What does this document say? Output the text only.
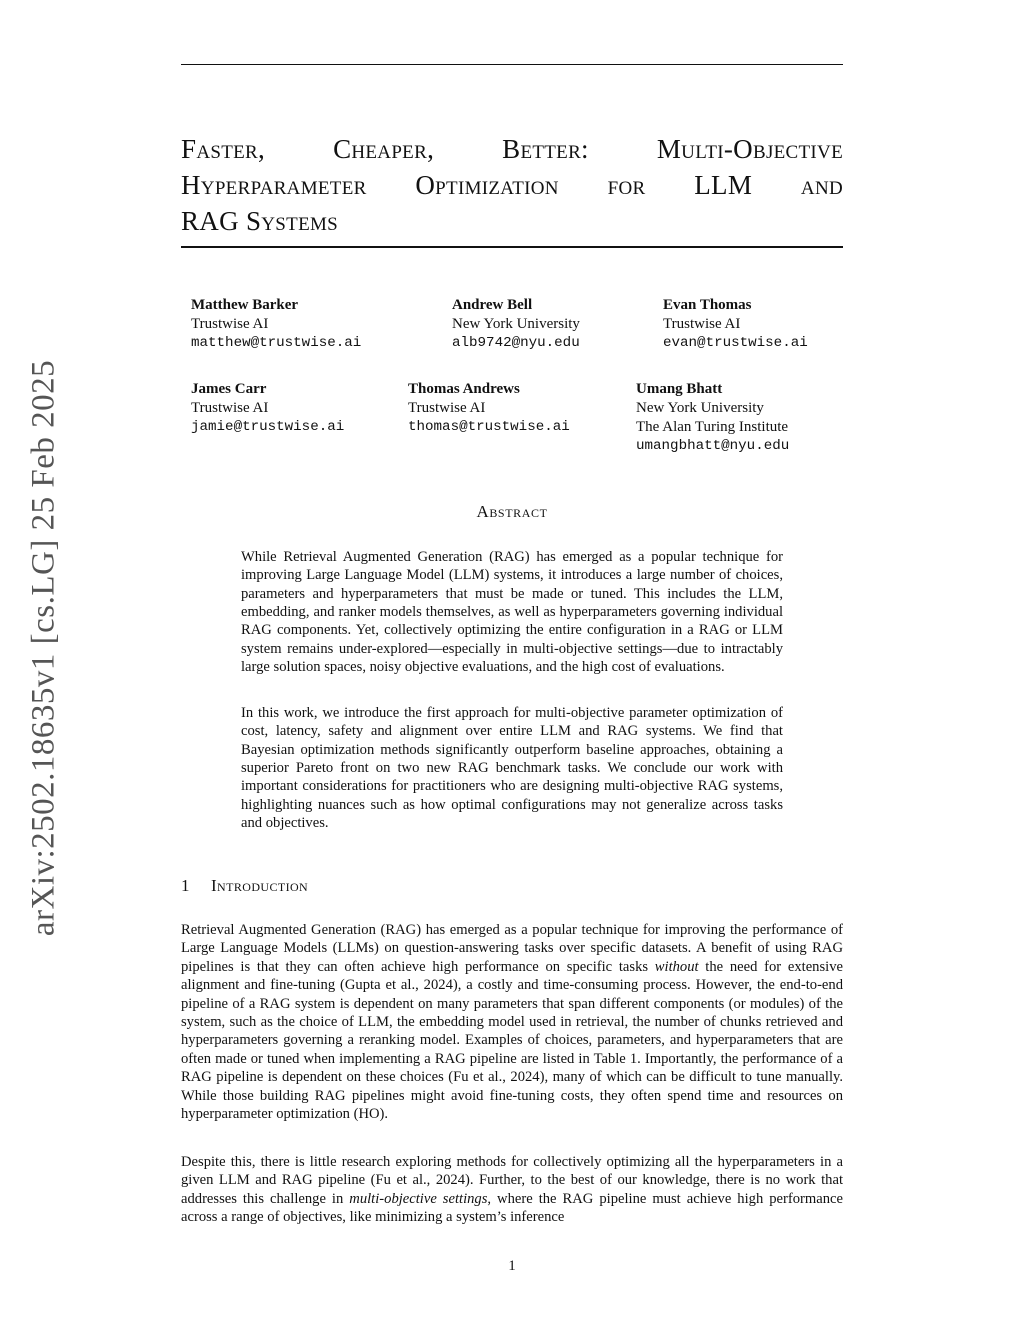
arXiv:2502.18635v1 [cs.LG] 25 Feb 2025
Faster, Cheaper, Better: Multi-Objective
Hyperparameter Optimization for LLM and
RAG Systems
Matthew Barker
Trustwise AI
matthew@trustwise.ai
Andrew Bell
New York University
alb9742@nyu.edu
Evan Thomas
Trustwise AI
evan@trustwise.ai
James Carr
Trustwise AI
jamie@trustwise.ai
Thomas Andrews
Trustwise AI
thomas@trustwise.ai
Umang Bhatt
New York University
The Alan Turing Institute
umangbhatt@nyu.edu
Abstract

While Retrieval Augmented Generation (RAG) has emerged as a popular technique for improving Large Language Model (LLM) systems, it introduces a large number of choices, parameters and hyperparameters that must be made or tuned. This includes the LLM, embedding, and ranker models themselves, as well as hyperparameters governing individual RAG components. Yet, collectively optimizing the entire configuration in a RAG or LLM system remains under-explored—especially in multi-objective settings—due to intractably large solution spaces, noisy objective evaluations, and the high cost of evaluations.

In this work, we introduce the first approach for multi-objective parameter optimization of cost, latency, safety and alignment over entire LLM and RAG systems. We find that Bayesian optimization methods significantly outperform baseline approaches, obtaining a superior Pareto front on two new RAG benchmark tasks. We conclude our work with important considerations for practitioners who are designing multi-objective RAG systems, highlighting nuances such as how optimal configurations may not generalize across tasks and objectives.

1 Introduction

Retrieval Augmented Generation (RAG) has emerged as a popular technique for improving the performance of Large Language Models (LLMs) on question-answering tasks over specific datasets. A benefit of using RAG pipelines is that they can often achieve high performance on specific tasks without the need for extensive alignment and fine-tuning (Gupta et al., 2024), a costly and time-consuming process. However, the end-to-end pipeline of a RAG system is dependent on many parameters that span different components (or modules) of the system, such as the choice of LLM, the embedding model used in retrieval, the number of chunks retrieved and hyperparameters governing a reranking model. Examples of choices, parameters, and hyperparameters that are often made or tuned when implementing a RAG pipeline are listed in Table 1. Importantly, the performance of a RAG pipeline is dependent on these choices (Fu et al., 2024), many of which can be difficult to tune manually. While those building RAG pipelines might avoid fine-tuning costs, they often spend time and resources on hyperparameter optimization (HO).

Despite this, there is little research exploring methods for collectively optimizing all the hyperparameters in a given LLM and RAG pipeline (Fu et al., 2024). Further, to the best of our knowledge, there is no work that addresses this challenge in multi-objective settings, where the RAG pipeline must achieve high performance across a range of objectives, like minimizing a system’s inference

1
